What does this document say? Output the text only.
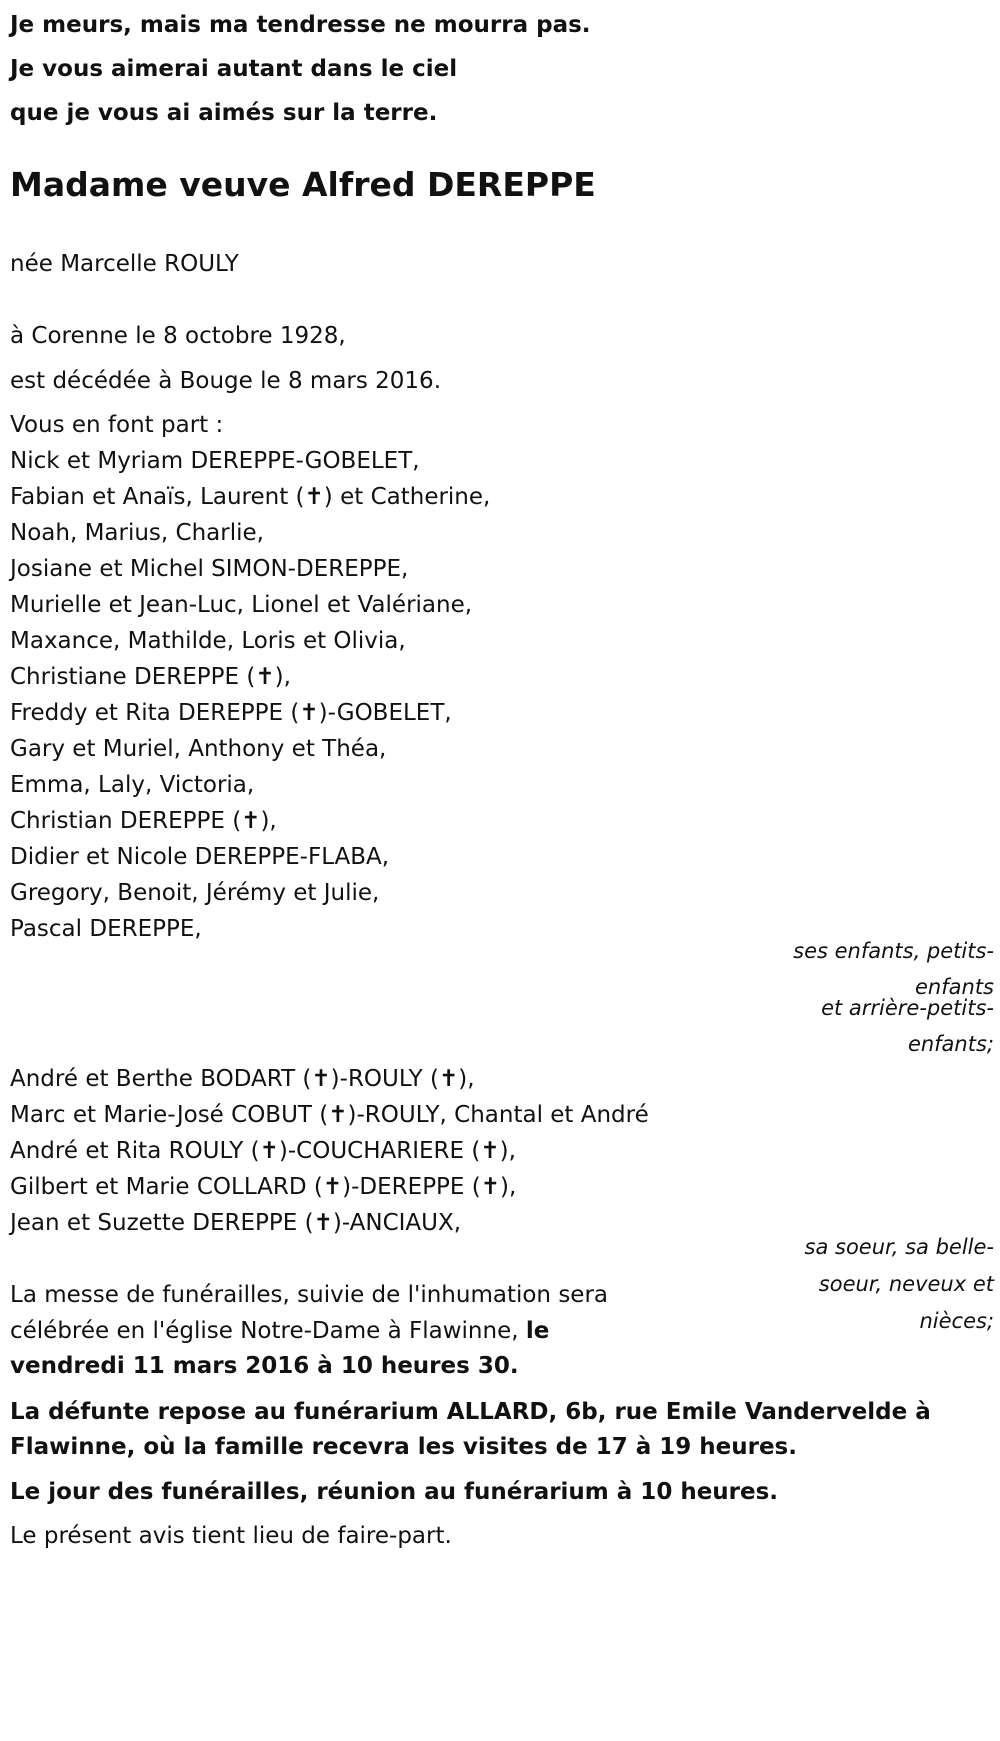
Je meurs, mais ma tendresse ne mourra pas.
Je vous aimerai autant dans le ciel
que je vous ai aimés sur la terre.
Madame veuve Alfred DEREPPE
née Marcelle ROULY
à Corenne le 8 octobre 1928,
est décédée à Bouge le 8 mars 2016.
Vous en font part :
Nick et Myriam DEREPPE-GOBELET,
Fabian et Anaïs, Laurent (✝) et Catherine,
Noah, Marius, Charlie,
Josiane et Michel SIMON-DEREPPE,
Murielle et Jean-Luc, Lionel et Valériane,
Maxance, Mathilde, Loris et Olivia,
Christiane DEREPPE (✝),
Freddy et Rita DEREPPE (✝)-GOBELET,
Gary et Muriel, Anthony et Théa,
Emma, Laly, Victoria,
Christian DEREPPE (✝),
Didier et Nicole DEREPPE-FLABA,
Gregory, Benoit, Jérémy et Julie,
Pascal DEREPPE,
ses enfants, petits-enfants
et arrière-petits-enfants;
André et Berthe BODART (✝)-ROULY (✝),
Marc et Marie-José COBUT (✝)-ROULY, Chantal et André
André et Rita ROULY (✝)-COUCHARIERE (✝),
Gilbert et Marie COLLARD (✝)-DEREPPE (✝),
Jean et Suzette DEREPPE (✝)-ANCIAUX,
sa soeur, sa belle-soeur, neveux et nièces;
La messe de funérailles, suivie de l'inhumation sera
célébrée en l'église Notre-Dame à Flawinne, le
vendredi 11 mars 2016 à 10 heures 30.
La défunte repose au funérarium ALLARD, 6b, rue Emile Vandervelde à
Flawinne, où la famille recevra les visites de 17 à 19 heures.
Le jour des funérailles, réunion au funérarium à 10 heures.
Le présent avis tient lieu de faire-part.
